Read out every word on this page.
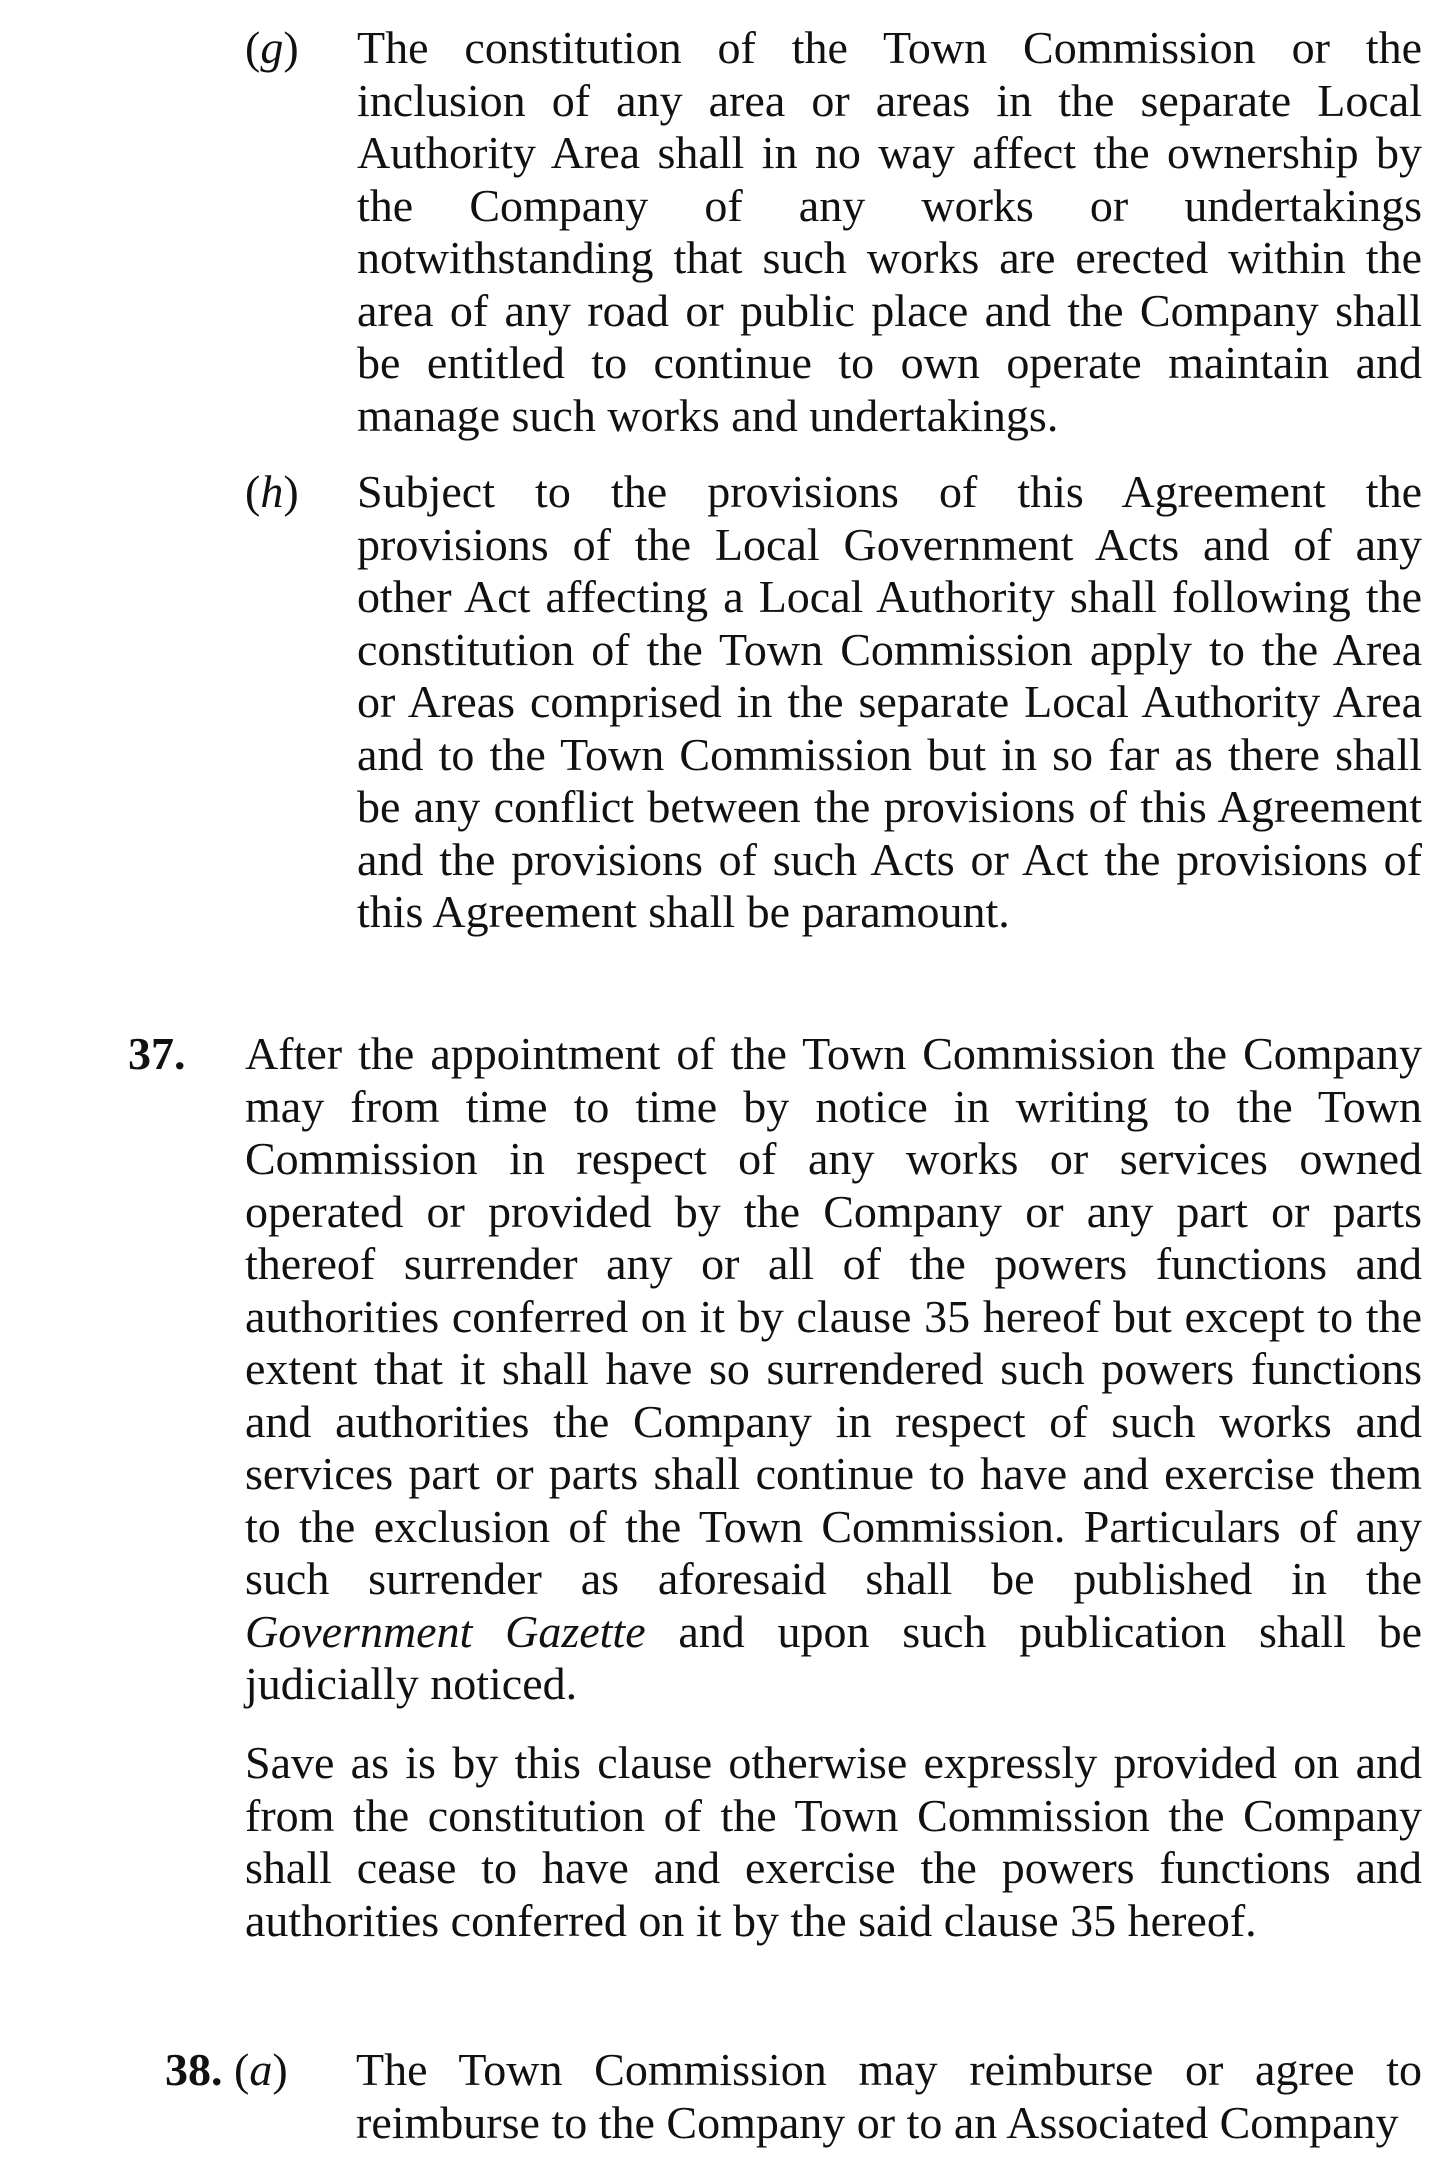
(g) The constitution of the Town Commission or the inclusion of any area or areas in the separate Local Authority Area shall in no way affect the ownership by the Company of any works or undertakings notwithstanding that such works are erected within the area of any road or public place and the Company shall be entitled to continue to own operate maintain and manage such works and undertakings.
(h) Subject to the provisions of this Agreement the provisions of the Local Government Acts and of any other Act affecting a Local Authority shall following the constitution of the Town Commission apply to the Area or Areas comprised in the separate Local Authority Area and to the Town Commission but in so far as there shall be any conflict between the provisions of this Agreement and the provisions of such Acts or Act the provisions of this Agreement shall be paramount.
37. After the appointment of the Town Commission the Company may from time to time by notice in writing to the Town Commission in respect of any works or services owned operated or provided by the Company or any part or parts thereof surrender any or all of the powers functions and authorities conferred on it by clause 35 hereof but except to the extent that it shall have so surrendered such powers functions and authorities the Company in respect of such works and services part or parts shall continue to have and exercise them to the exclusion of the Town Commission. Particulars of any such surrender as aforesaid shall be published in the Government Gazette and upon such publication shall be judicially noticed.
Save as is by this clause otherwise expressly provided on and from the constitution of the Town Commission the Company shall cease to have and exercise the powers functions and authorities conferred on it by the said clause 35 hereof.
38. (a) The Town Commission may reimburse or agree to reimburse to the Company or to an Associated Company
